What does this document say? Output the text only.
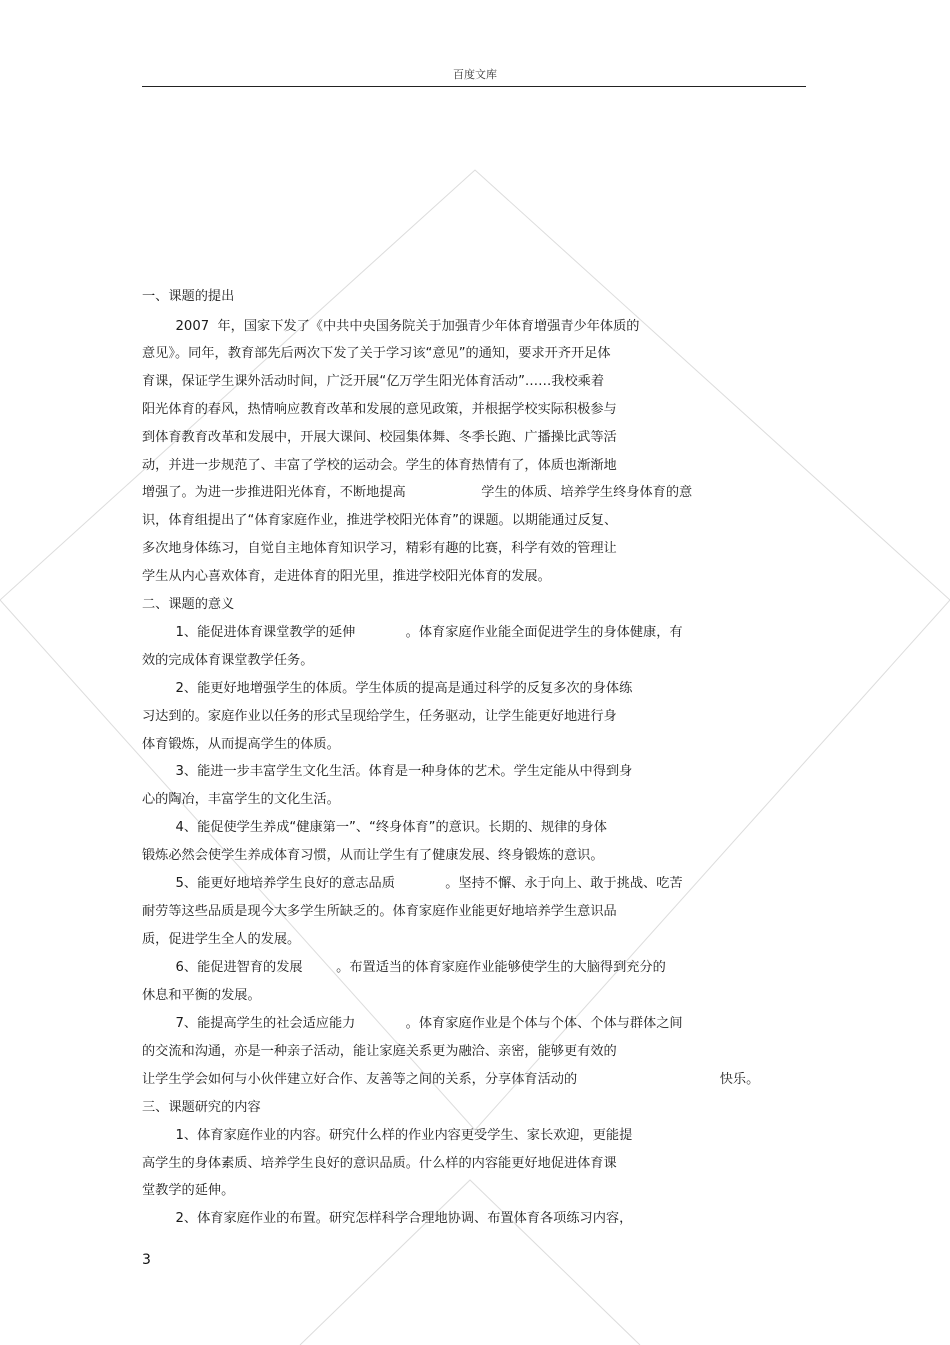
百度文库
一、课题的提出
2007  年，国家下发了《中共中央国务院关于加强青少年体育增强青少年体质的
意见》。同年，教育部先后两次下发了关于学习该“意见”的通知，要求开齐开足体
育课，保证学生课外活动时间，广泛开展“亿万学生阳光体育活动”……我校乘着
阳光体育的春风，热情响应教育改革和发展的意见政策，并根据学校实际积极参与
到体育教育改革和发展中，开展大课间、校园集体舞、冬季长跑、广播操比武等活
动，并进一步规范了、丰富了学校的运动会。学生的体育热情有了，体质也渐渐地
增强了。为进一步推进阳光体育，不断地提高                  学生的体质、培养学生终身体育的意
识，体育组提出了“体育家庭作业，推进学校阳光体育”的课题。以期能通过反复、
多次地身体练习，自觉自主地体育知识学习，精彩有趣的比赛，科学有效的管理让
学生从内心喜欢体育，走进体育的阳光里，推进学校阳光体育的发展。
二、课题的意义
1、能促进体育课堂教学的延伸            。体育家庭作业能全面促进学生的身体健康，有
效的完成体育课堂教学任务。
2、能更好地增强学生的体质。学生体质的提高是通过科学的反复多次的身体练
习达到的。家庭作业以任务的形式呈现给学生，任务驱动，让学生能更好地进行身
体育锻炼，从而提高学生的体质。
3、能进一步丰富学生文化生活。体育是一种身体的艺术。学生定能从中得到身
心的陶冶，丰富学生的文化生活。
4、能促使学生养成“健康第一”、“终身体育”的意识。长期的、规律的身体
锻炼必然会使学生养成体育习惯，从而让学生有了健康发展、终身锻炼的意识。
5、能更好地培养学生良好的意志品质            。坚持不懈、永于向上、敢于挑战、吃苦
耐劳等这些品质是现今大多学生所缺乏的。体育家庭作业能更好地培养学生意识品
质，促进学生全人的发展。
6、能促进智育的发展        。布置适当的体育家庭作业能够使学生的大脑得到充分的
休息和平衡的发展。
7、能提高学生的社会适应能力            。体育家庭作业是个体与个体、个体与群体之间
的交流和沟通，亦是一种亲子活动，能让家庭关系更为融洽、亲密，能够更有效的
让学生学会如何与小伙伴建立好合作、友善等之间的关系，分享体育活动的                                  快乐。
三、课题研究的内容
1、体育家庭作业的内容。研究什么样的作业内容更受学生、家长欢迎，更能提
高学生的身体素质、培养学生良好的意识品质。什么样的内容能更好地促进体育课
堂教学的延伸。
2、体育家庭作业的布置。研究怎样科学合理地协调、布置体育各项练习内容，
3
